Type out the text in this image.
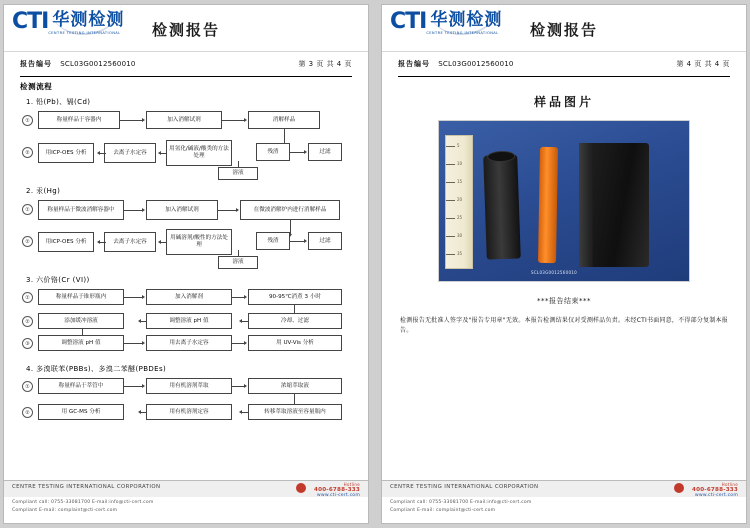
CTI 华测检测
CENTRE TESTING INTERNATIONAL	检测报告
报告编号 SCL03G0012560010	第 3 页 共 4 页
检测流程
1. 铅(Pb)、镉(Cd)
①	称量样品于容器内	加入消解试剂	消解样品
②	用ICP-OES 分析	去离子水定容
用氢化/碱液/酸类的方法处理
残渣	过滤
溶液
2. 汞(Hg)
①	称量样品于微波消解容器中	加入消解试剂	在微波消解炉内进行消解样品
②	用ICP-OES 分析	去离子水定容
用碱溶剂/酸性的方法处理
残渣	过滤
溶液
3. 六价铬(Cr (VI))
①	称量样品于锥形瓶内	加入消解剂	90-95℃消煮 3 小时
②	添加缓冲溶液	调整溶液 pH 值	冷却、过滤
③	调整溶液 pH 值	用去离子水定容	用 UV-Vis 分析
4. 多溴联苯(PBBs)、多溴二苯醚(PBDEs)
①	称量样品于萃管中	用有机溶剂萃取	浓缩萃取液
②	用 GC-MS 分析	用有机溶剂定容	转移萃取溶液至容量瓶内
CENTRE TESTING INTERNATIONAL CORPORATION	Hotline
400-6788-333
www.cti-cert.com
Compliant call: 0755-33081700 E-mail:info@cti-cert.com
Compliant E-mail: complaint@cti-cert.com
CTI 华测检测
CENTRE TESTING INTERNATIONAL	检测报告
报告编号 SCL03G0012560010	第 4 页 共 4 页
样品图片
5
10
15
20
25
30
35
SCL03G0012560010
***报告结束***
检测报告无批准人签字及"报告专用章"无效。本报告检测结果仅对受测样品负责。未经CTI书面同意，不得部分复制本报告。
CENTRE TESTING INTERNATIONAL CORPORATION	Hotline
400-6788-333
www.cti-cert.com
Compliant call: 0755-33081700 E-mail:info@cti-cert.com
Compliant E-mail: complaint@cti-cert.com
